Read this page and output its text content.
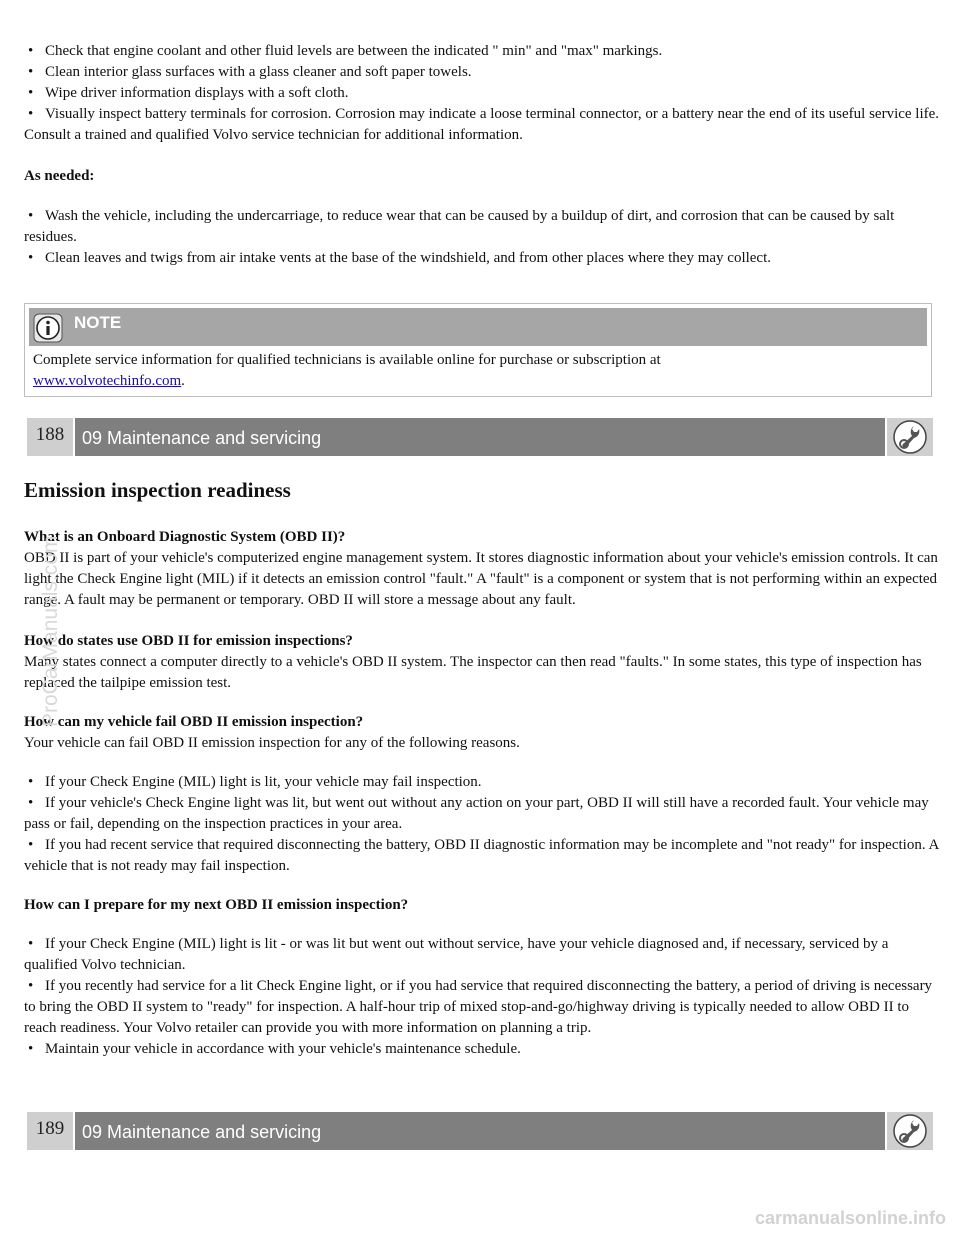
• Check that engine coolant and other fluid levels are between the indicated " min" and "max" markings.
• Clean interior glass surfaces with a glass cleaner and soft paper towels.
• Wipe driver information displays with a soft cloth.
• Visually inspect battery terminals for corrosion. Corrosion may indicate a loose terminal connector, or a battery near the end of its useful service life. Consult a trained and qualified Volvo service technician for additional information.

As needed:

• Wash the vehicle, including the undercarriage, to reduce wear that can be caused by a buildup of dirt, and corrosion that can be caused by salt residues.
• Clean leaves and twigs from air intake vents at the base of the windshield, and from other places where they may collect.
NOTE
Complete service information for qualified technicians is available online for purchase or subscription at
www.volvotechinfo.com.
188 09 Maintenance and servicing
Emission inspection readiness

What is an Onboard Diagnostic System (OBD II)?

OBD II is part of your vehicle's computerized engine management system. It stores diagnostic information about your vehicle's emission controls. It can light the Check Engine light (MIL) if it detects an emission control "fault." A "fault" is a component or system that is not performing within an expected range. A fault may be permanent or temporary. OBD II will store a message about any fault.

How do states use OBD II for emission inspections?

Many states connect a computer directly to a vehicle's OBD II system. The inspector can then read "faults." In some states, this type of inspection has replaced the tailpipe emission test.

How can my vehicle fail OBD II emission inspection?

Your vehicle can fail OBD II emission inspection for any of the following reasons.

• If your Check Engine (MIL) light is lit, your vehicle may fail inspection.
• If your vehicle's Check Engine light was lit, but went out without any action on your part, OBD II will still have a recorded fault. Your vehicle may pass or fail, depending on the inspection practices in your area.
• If you had recent service that required disconnecting the battery, OBD II diagnostic information may be incomplete and "not ready" for inspection. A vehicle that is not ready may fail inspection.

How can I prepare for my next OBD II emission inspection?

• If your Check Engine (MIL) light is lit - or was lit but went out without service, have your vehicle diagnosed and, if necessary, serviced by a qualified Volvo technician.
• If you recently had service for a lit Check Engine light, or if you had service that required disconnecting the battery, a period of driving is necessary to bring the OBD II system to "ready" for inspection. A half-hour trip of mixed stop-and-go/highway driving is typically needed to allow OBD II to reach readiness. Your Volvo retailer can provide you with more information on planning a trip.
• Maintain your vehicle in accordance with your vehicle's maintenance schedule.
189 09 Maintenance and servicing
ProCarManuals.com
carmanualsonline.info
